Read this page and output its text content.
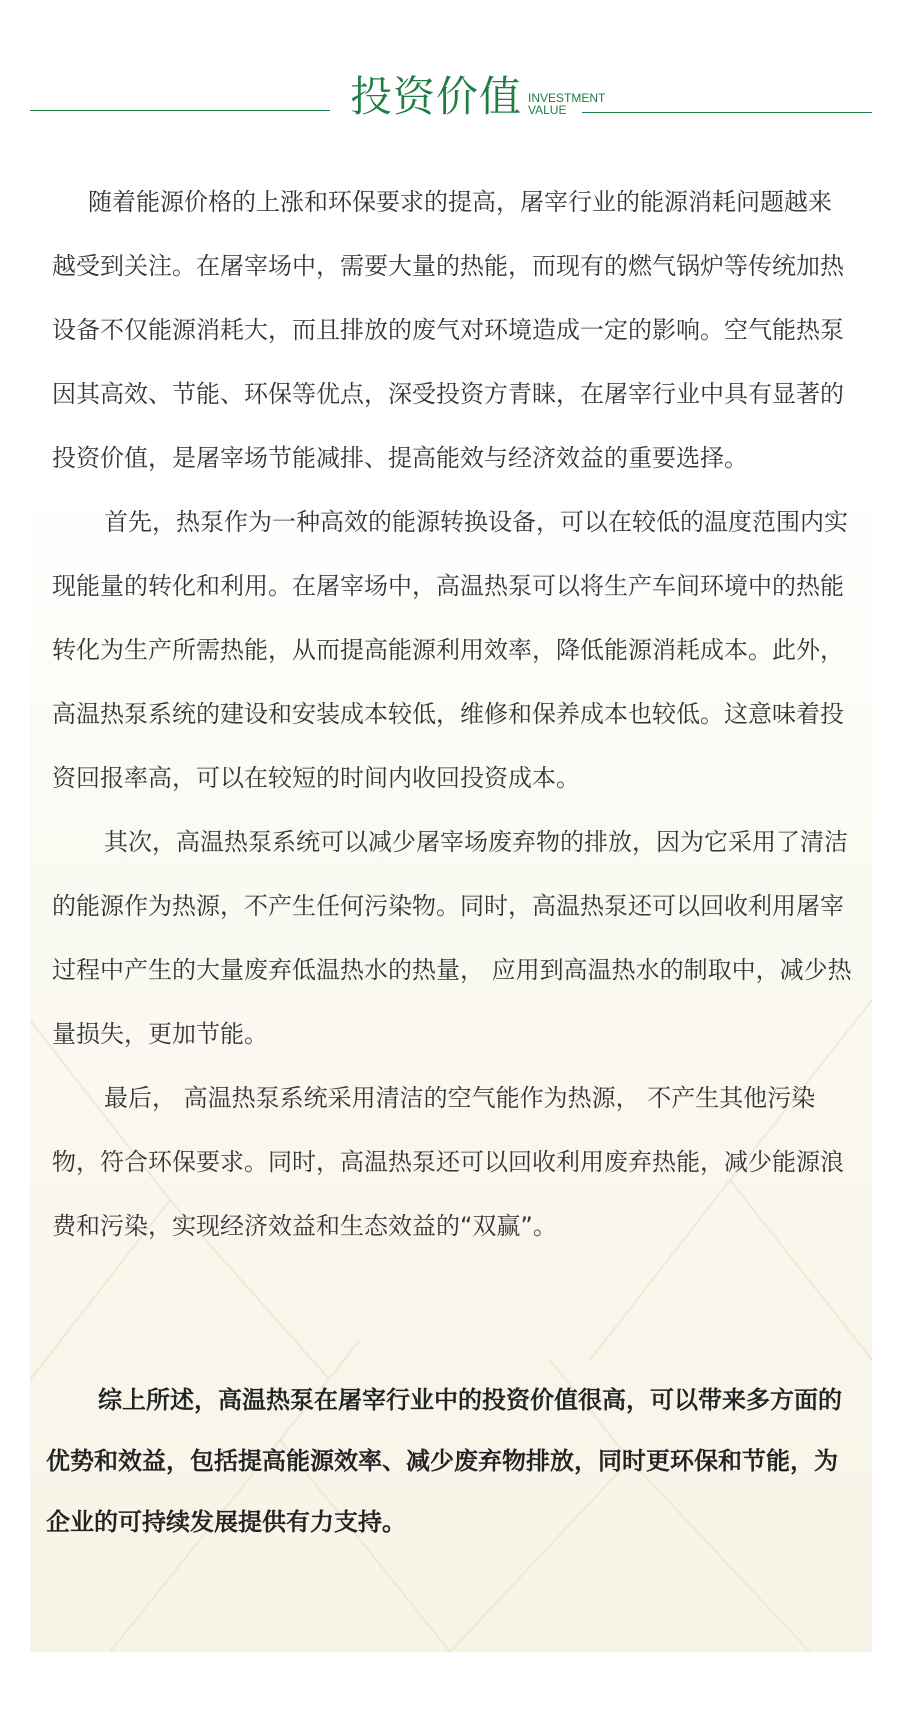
投资价值 INVESTMENT
VALUE

随着能源价格的上涨和环保要求的提高，屠宰行业的能源消耗问题越来越受到关注。在屠宰场中，需要大量的热能，而现有的燃气锅炉等传统加热设备不仅能源消耗大，而且排放的废气对环境造成一定的影响。空气能热泵因其高效、节能、环保等优点，深受投资方青睐，在屠宰行业中具有显著的投资价值，是屠宰场节能减排、提高能效与经济效益的重要选择。

首先，热泵作为一种高效的能源转换设备，可以在较低的温度范围内实现能量的转化和利用。在屠宰场中，高温热泵可以将生产车间环境中的热能转化为生产所需热能，从而提高能源利用效率，降低能源消耗成本。此外，高温热泵系统的建设和安装成本较低，维修和保养成本也较低。这意味着投资回报率高，可以在较短的时间内收回投资成本。

其次，高温热泵系统可以减少屠宰场废弃物的排放，因为它采用了清洁的能源作为热源，不产生任何污染物。同时，高温热泵还可以回收利用屠宰过程中产生的大量废弃低温热水的热量， 应用到高温热水的制取中，减少热量损失，更加节能。

最后， 高温热泵系统采用清洁的空气能作为热源， 不产生其他污染物，符合环保要求。同时，高温热泵还可以回收利用废弃热能，减少能源浪费和污染，实现经济效益和生态效益的“双赢”。

综上所述，高温热泵在屠宰行业中的投资价值很高，可以带来多方面的优势和效益，包括提高能源效率、减少废弃物排放，同时更环保和节能，为企业的可持续发展提供有力支持。
